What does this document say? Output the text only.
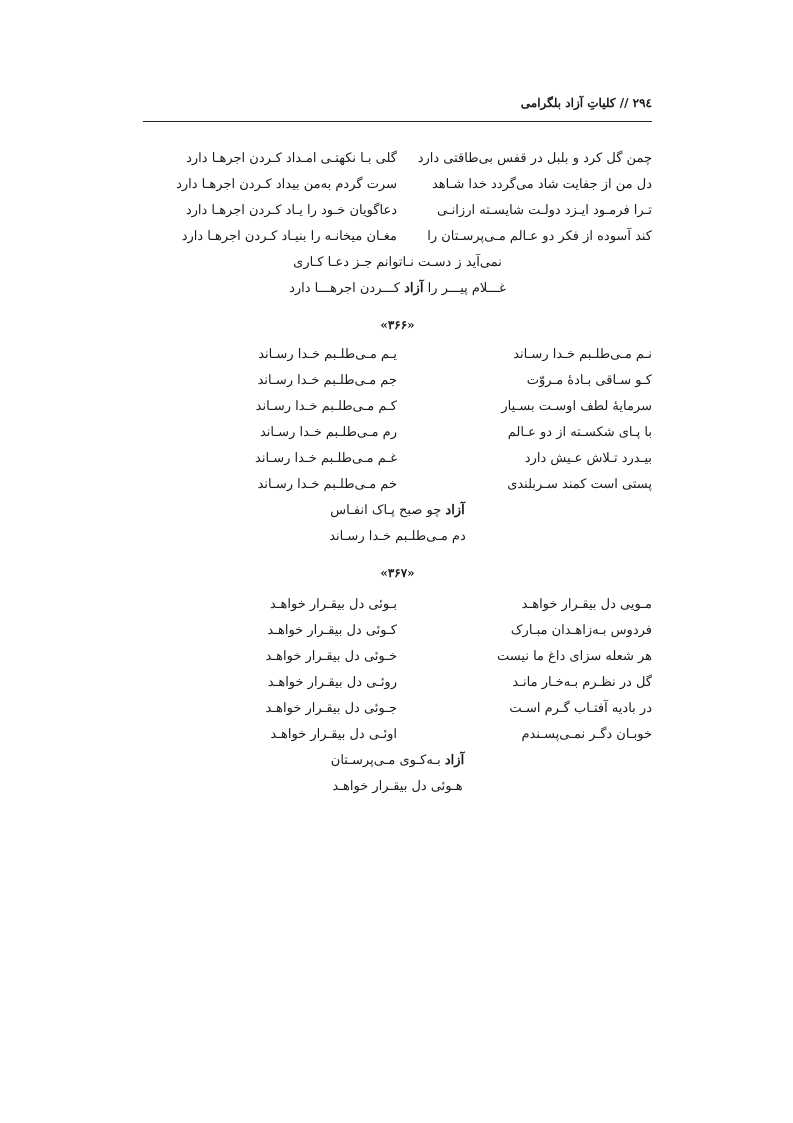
۲۹٤ // کلیاتِ آزاد بلگرامی
چمن گل کرد و بلبل در قفس بی‌طاقتی دارد
گلی بـا نکهتـی امـداد کـردن اجرهـا دارد
دل من از جفایت شاد می‌گردد خدا شـاهد
سرت گردم به‌من بیداد کـردن اجرهـا دارد
تـرا فرمـود ایـزد دولـت شایسـته ارزانـی
دعاگویان خـود را یـاد کـردن اجرهـا دارد
کند آسوده از فکر دو عـالم مـی‌پرسـتان را
مغـان میخانـه را بنیـاد کـردن اجرهـا دارد
نمی‌آید ز دسـت نـاتوانم جـز دعـا کـاری
غـــلام پیـــر را آزاد کـــردن اجرهـــا دارد
«۳۶۶»
نـم مـی‌طلـبم خـدا رسـاند
یـم مـی‌طلـبم خـدا رسـاند
کـو سـاقی بـادهٔ مـروّت
جم مـی‌طلـبم خـدا رسـاند
سرمایهٔ لطف اوسـت بسـیار
کـم مـی‌طلـبم خـدا رسـاند
با پـای شکسـته از دو عـالم
رم مـی‌طلـبم خـدا رسـاند
بیـدرد تـلاش عـیش دارد
غـم مـی‌طلـبم خـدا رسـاند
پستی است کمند سـربلندی
خم مـی‌طلـبم خـدا رسـاند
آزاد چو صبح پـاک انفـاس
دم مـی‌طلـبم خـدا رسـاند
«۳۶۷»
مـویی دل بیقـرار خواهـد
بـوئی دل بیقـرار خواهـد
فردوس بـه‌زاهـدان مبـارک
کـوئی دل بیقـرار خواهـد
هر شعله سزای داغ ما نیست
خـوئی دل بیقـرار خواهـد
گل در نظـرم بـه‌خـار مانـد
روئـی دل بیقـرار خواهـد
در بادیه آفتـاب گـرم اسـت
جـوئی دل بیقـرار خواهـد
خوبـان دگـر نمـی‌پسـندم
اوئـی دل بیقـرار خواهـد
آزاد بـه‌کـوی مـی‌پرسـتان
هـوئی دل بیقـرار خواهـد
